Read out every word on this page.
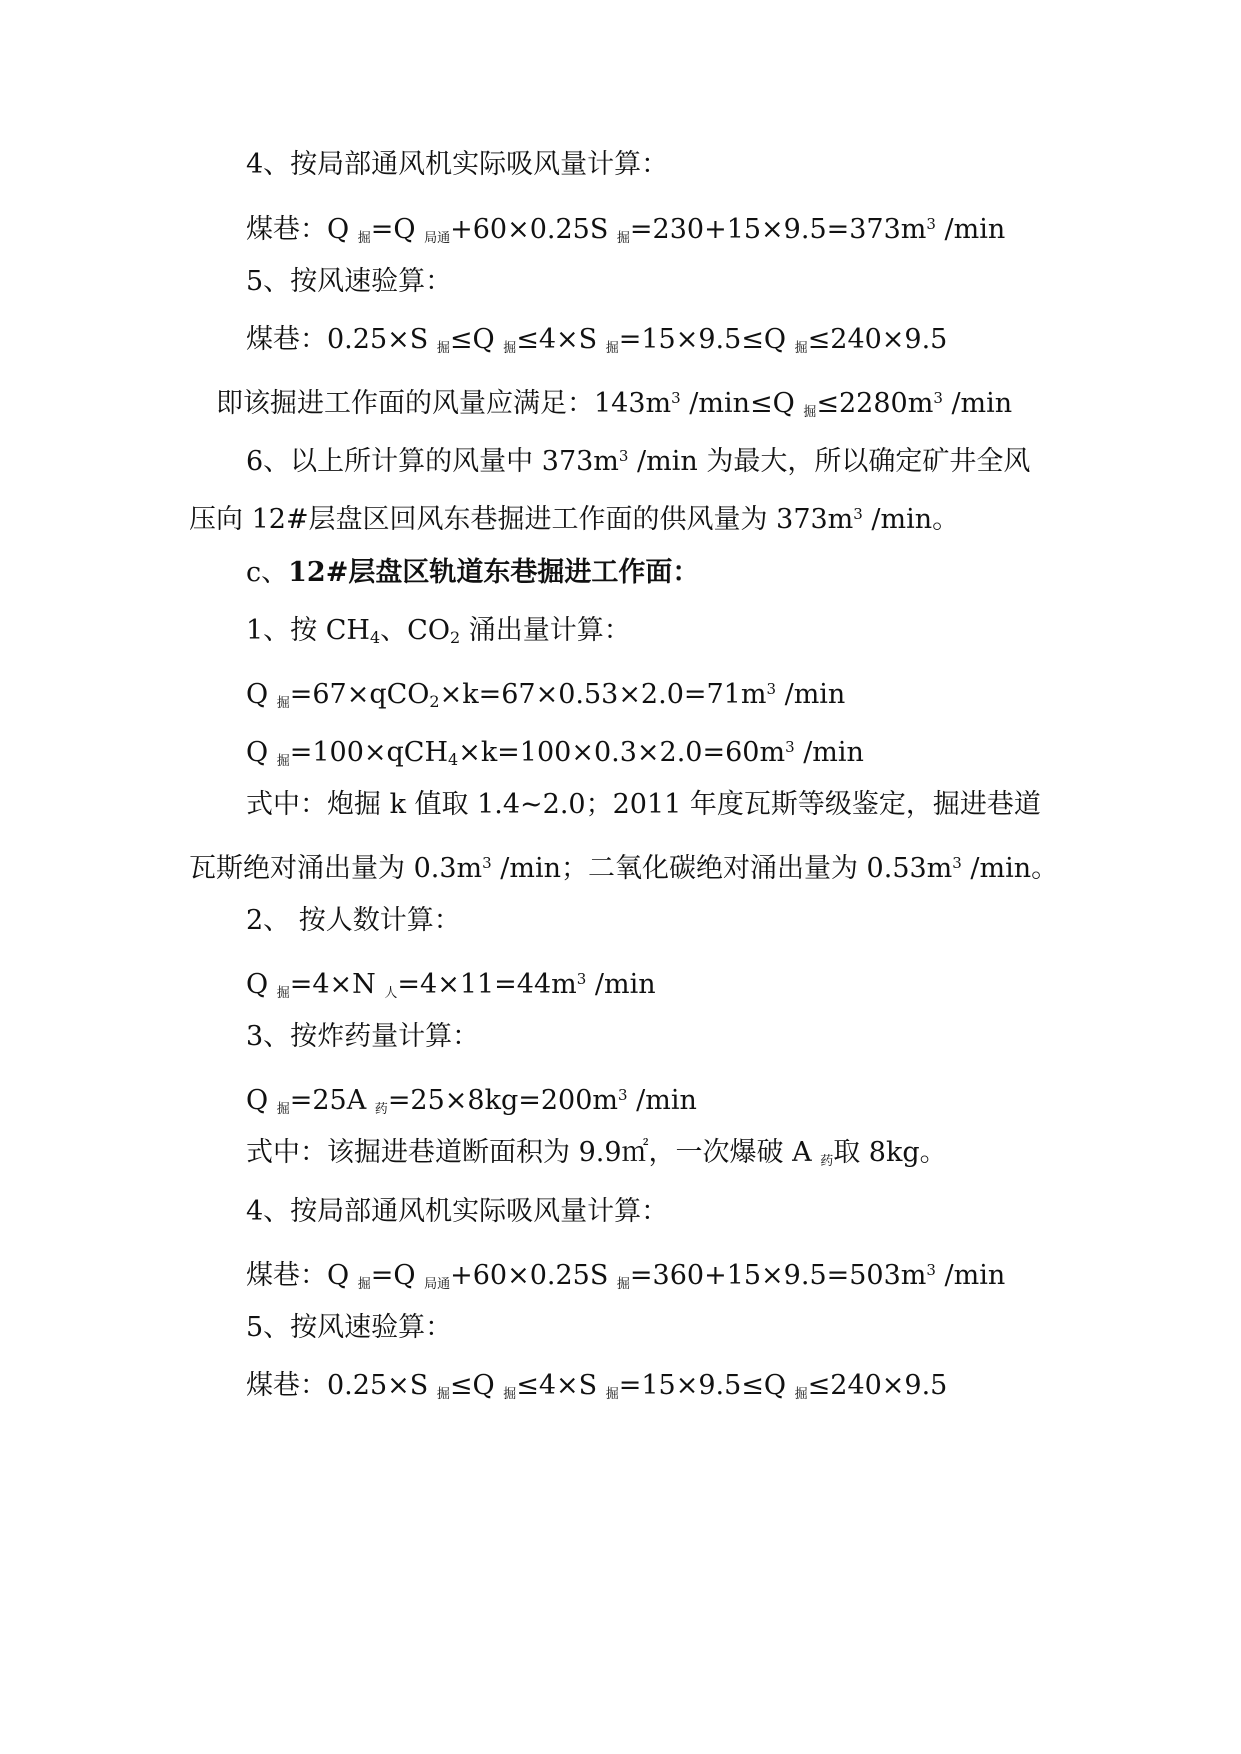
4、按局部通风机实际吸风量计算：
煤巷：Q $_掘$=Q $_{局通}$+60×0.25S $_掘=230+15\times 9.5=373m^3$ /min
5、按风速验算：
煤巷：0.25×S $_掘$≤Q $_掘$≤4×S $_掘$=15×9.5≤Q $_掘$≤240×9.5
即该掘进工作面的风量应满足：$143m^3$ /min≤Q $_掘\le 2280m^3$ /min
6、以上所计算的风量中 $373m^3$ /min 为最大，所以确定矿井全风
压向 12#层盘区回风东巷掘进工作面的供风量为 $373m^3$ /min。
c、12#层盘区轨道东巷掘进工作面：
1、按 $CH_4$、$CO_2$ 涌出量计算：
Q $_掘=67\times qCO_2\times k=67\times 0.53\times 2.0=71m^3$ /min
Q $_掘=100\times qCH_4\times k=100\times 0.3\times 2.0=60m^3$ /min
式中：炮掘 k 值取 1.4~2.0；2011 年度瓦斯等级鉴定，掘进巷道
瓦斯绝对涌出量为 $0.3m^3$ /min；二氧化碳绝对涌出量为 $0.53m^3$ /min。
2、 按人数计算：
Q $_掘$=4×N $_人=4\times 11=44m^3$ /min
3、按炸药量计算：
Q $_掘$=25A $_药=25\times 8kg=200m^3$ /min
式中：该掘进巷道断面积为 9.9㎡，一次爆破 A $_药$取 8kg。
4、按局部通风机实际吸风量计算：
煤巷：Q $_掘$=Q $_{局通}$+60×0.25S $_掘=360+15\times 9.5=503m^3$ /min
5、按风速验算：
煤巷：0.25×S $_掘$≤Q $_掘$≤4×S $_掘$=15×9.5≤Q $_掘$≤240×9.5
